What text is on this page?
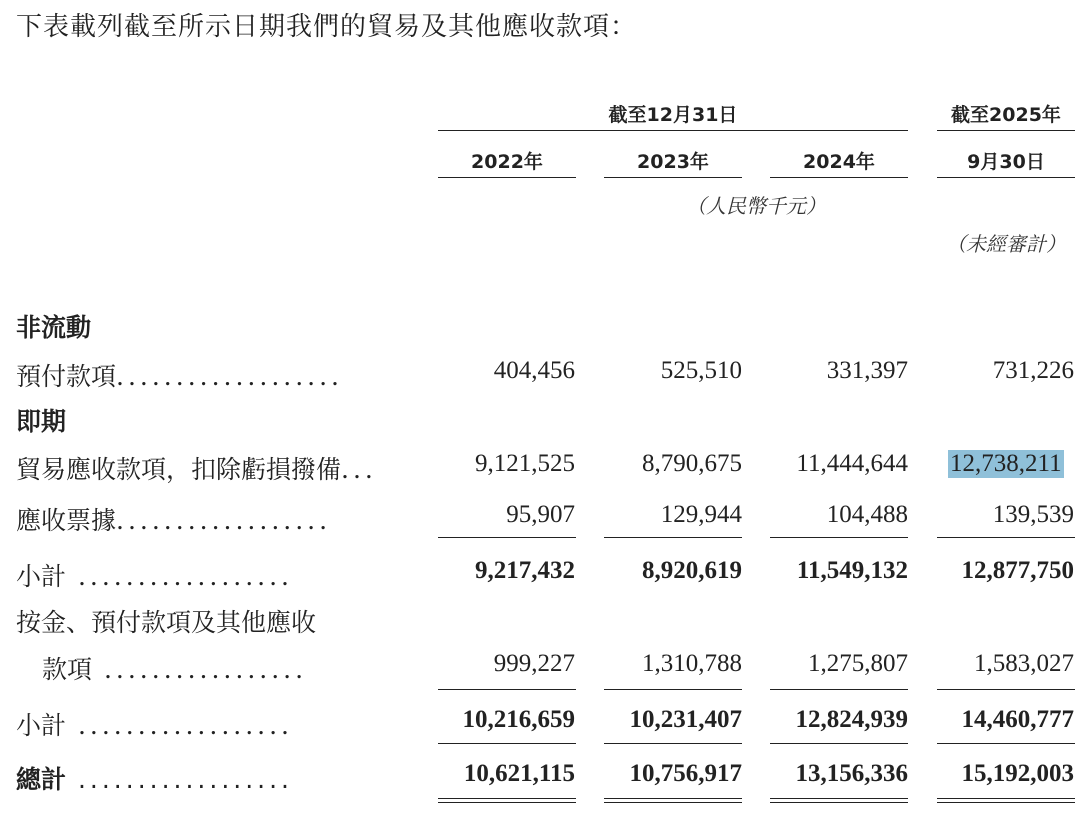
下表載列截至所示日期我們的貿易及其他應收款項：
截至12月31日	截至2025年
2022年	2023年	2024年	9月30日
（人民幣千元）
（未經審計）
非流動
預付款項...................	404,456	525,510	331,397	731,226
即期
貿易應收款項，扣除虧損撥備...	9,121,525	8,790,675	11,444,644 12,738,211
應收票據..................	95,907	129,944	104,488	139,539
小計 ..................	9,217,432	8,920,619	11,549,132	12,877,750
按金、預付款項及其他應收
款項 .................	999,227	1,310,788	1,275,807	1,583,027
小計 ..................	10,216,659	10,231,407	12,824,939	14,460,777
總計 ..................	10,621,115	10,756,917	13,156,336	15,192,003
